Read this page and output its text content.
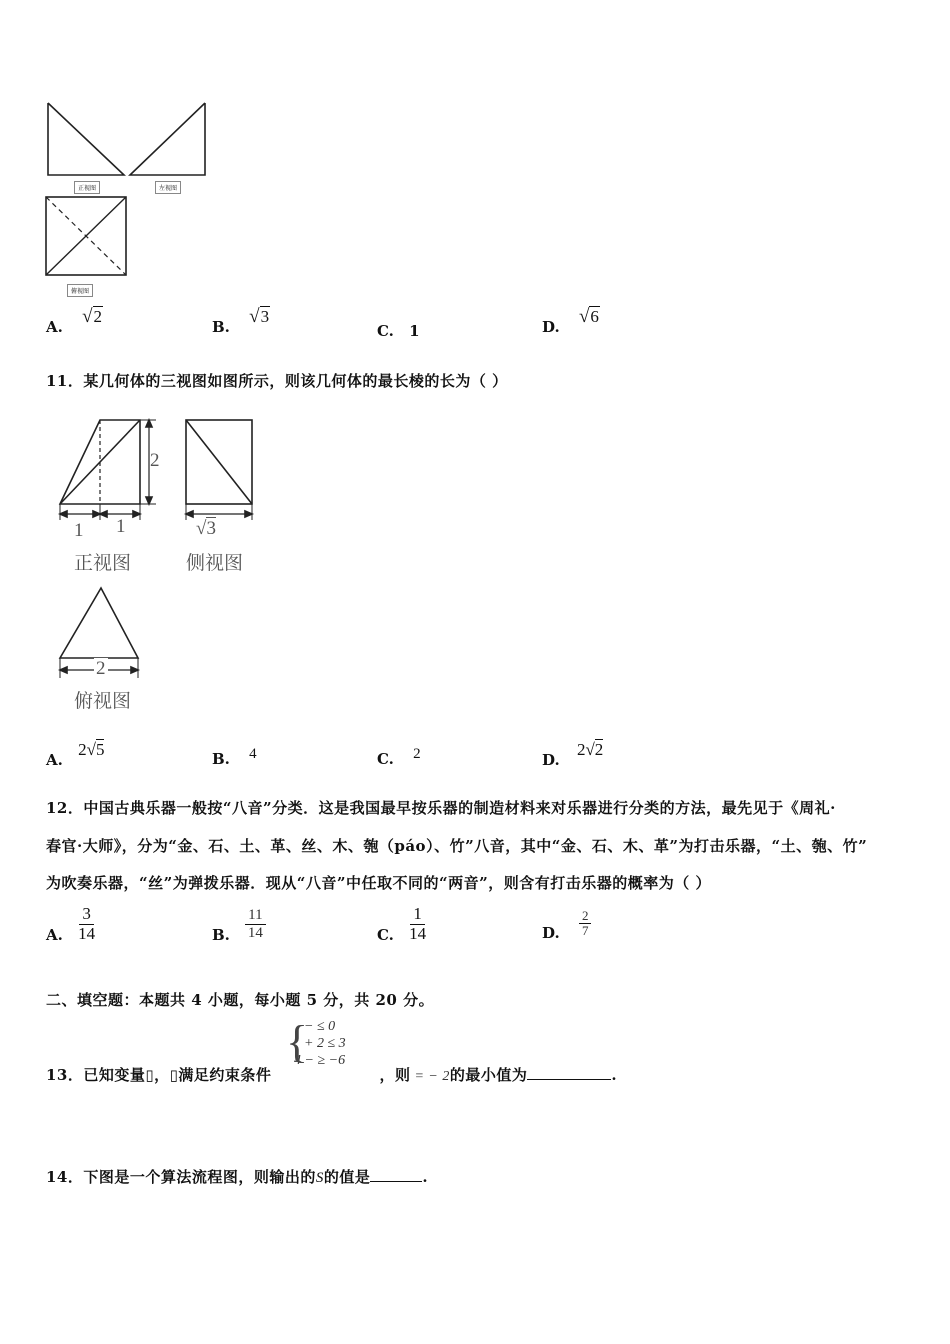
正视图	左视图
俯视图
A. √2
B. √3
C. 1	D. √6
11．某几何体的三视图如图所示，则该几何体的最长棱的长为（ ）
2
1 1	√3
正视图	侧视图
2
俯视图
A. 2√5	B. 4	C. 2	D. 2√2
12．中国古典乐器一般按“八音”分类．这是我国最早按乐器的制造材料来对乐器进行分类的方法，最先见于《周礼·
春官·大师》，分为“金、石、土、革、丝、木、匏（páo）、竹”八音，其中“金、石、木、革”为打击乐器，“土、匏、竹”
为吹奏乐器，“丝”为弹拨乐器．现从“八音”中任取不同的“两音”，则含有打击乐器的概率为（ ）
A. $\frac{3}{14}$	B. $\frac{11}{14}$	C. $\frac{1}{14}$	D. $\frac{2}{7}$
二、填空题：本题共 4 小题，每小题 5 分，共 20 分。
{
− ≤ 0
+ 2 ≤ 3
4 − ≥ −6
13．已知变量▯，▯满足约束条件	，则 = − 2的最小值为	.
14．下图是一个算法流程图，则输出的S的值是	.
